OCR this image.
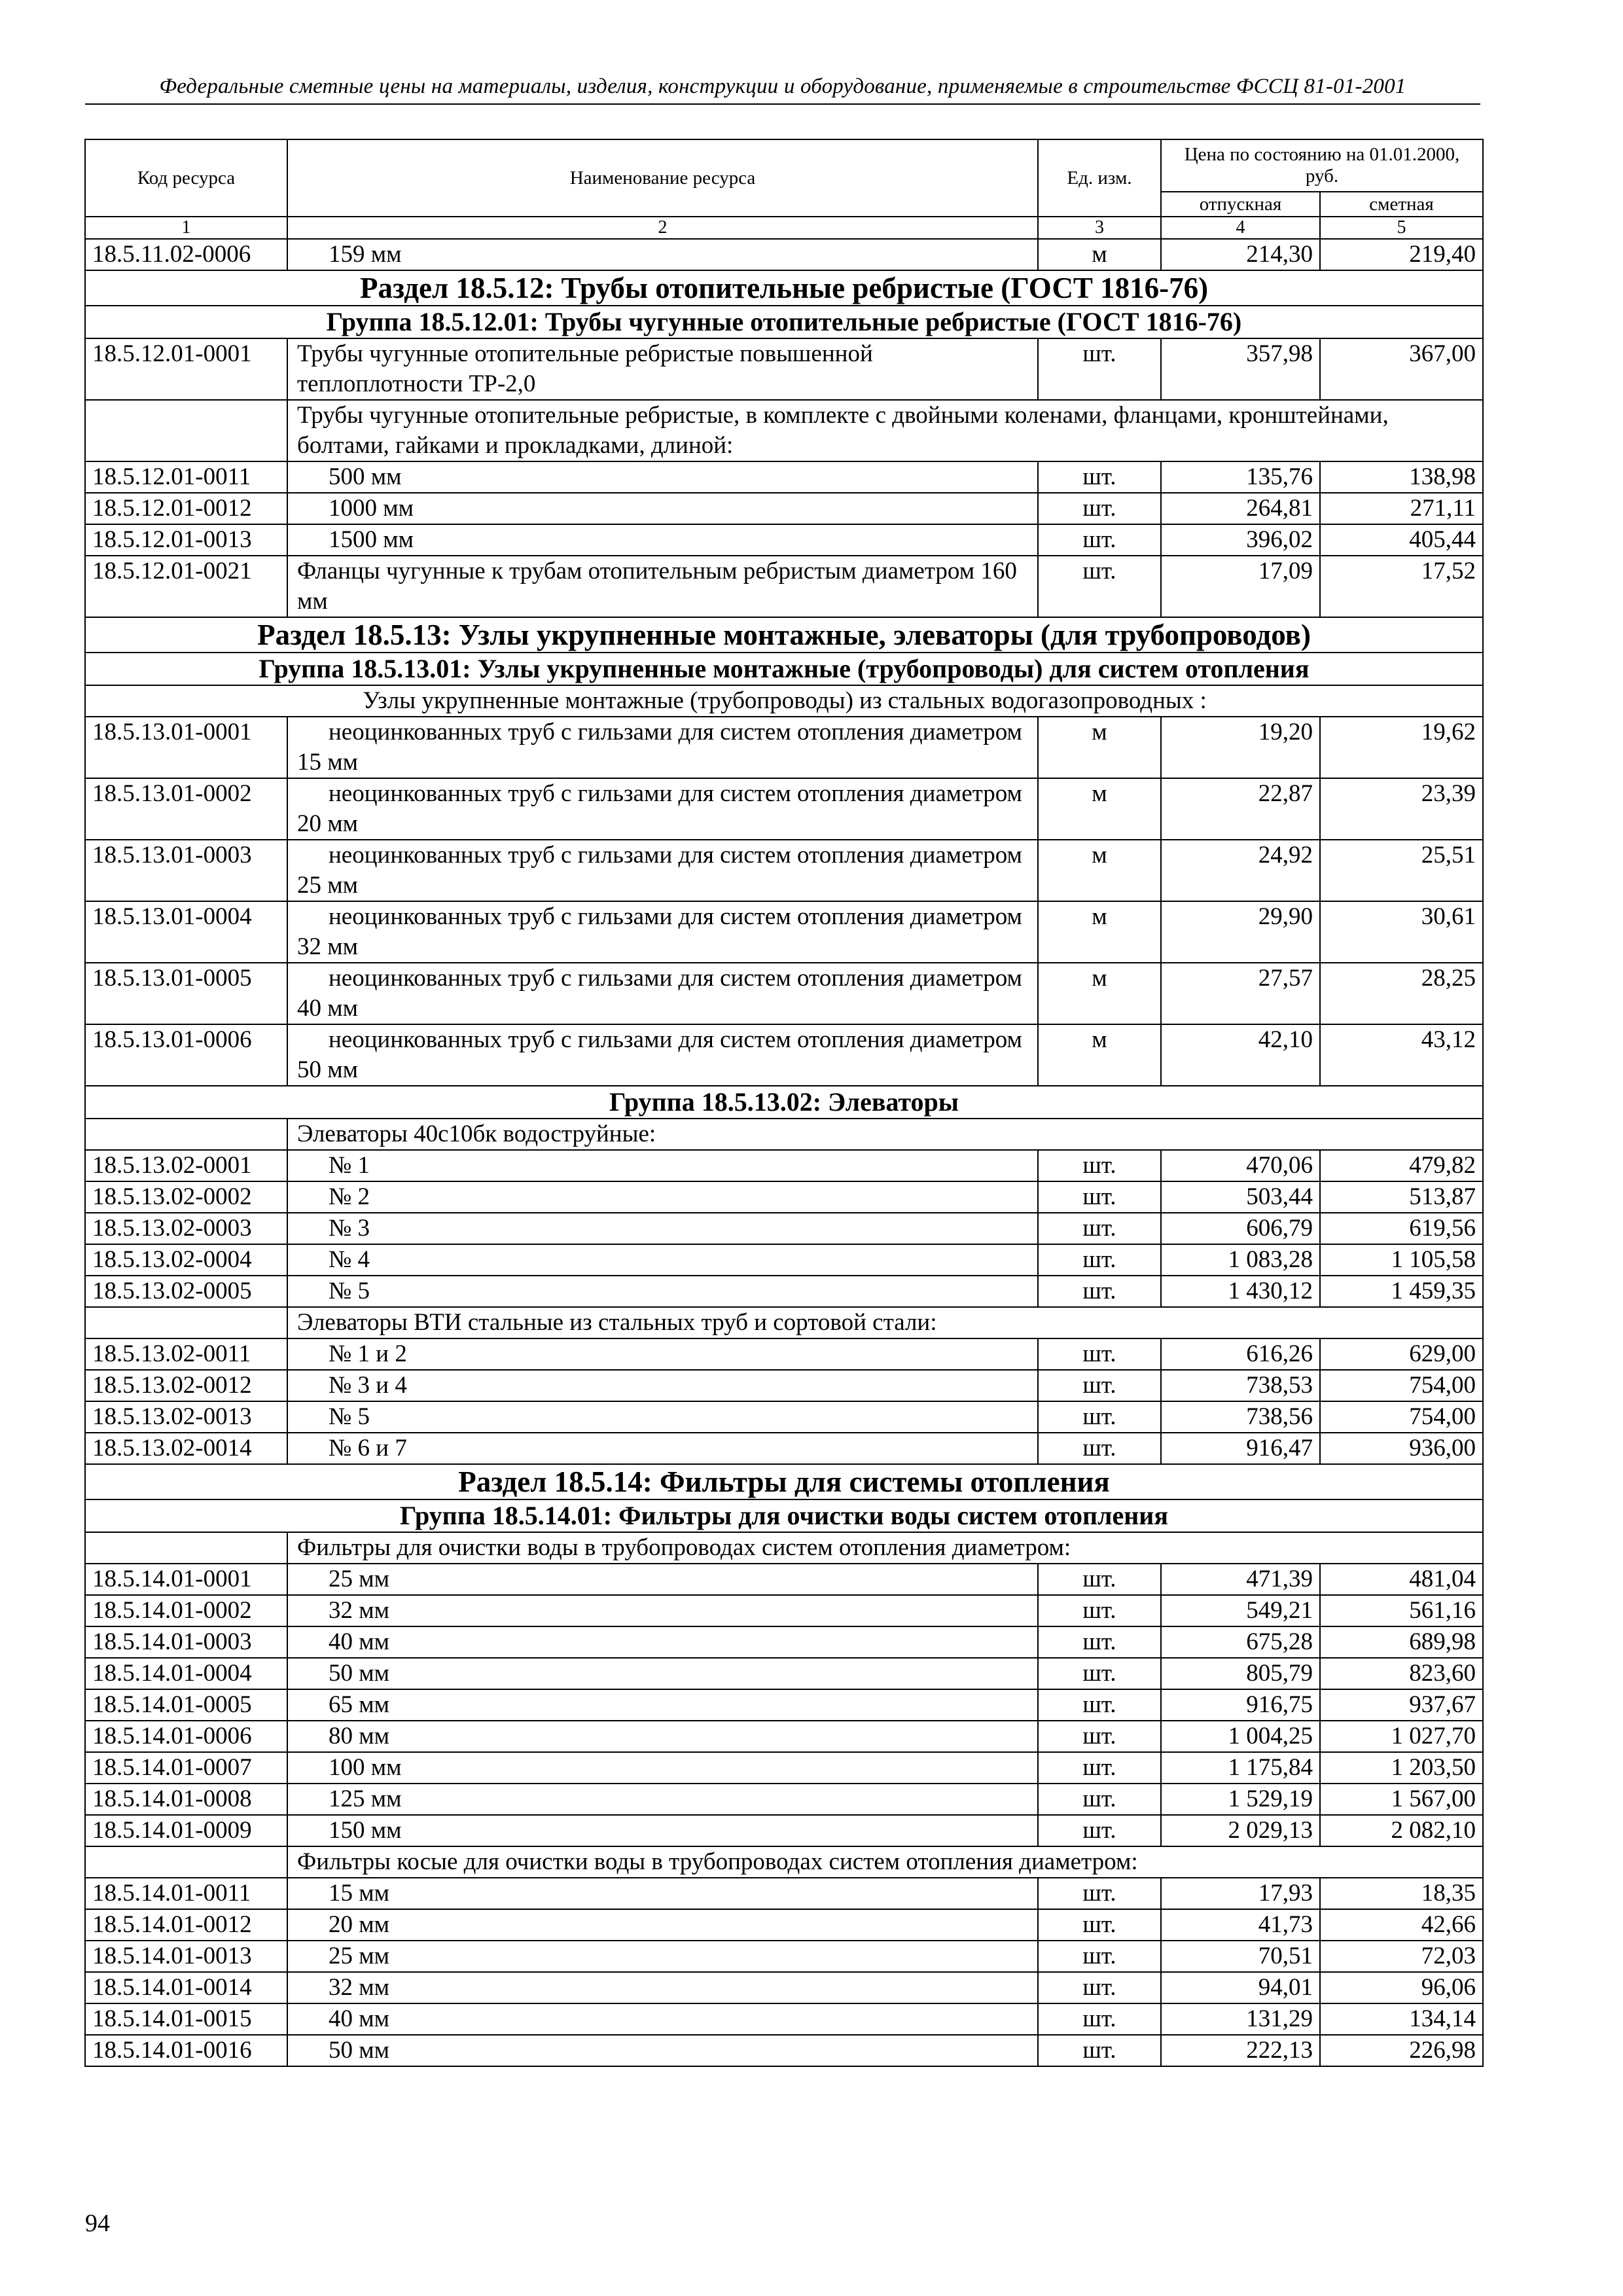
Федеральные сметные цены на материалы, изделия, конструкции и оборудование, применяемые в строительстве ФССЦ 81-01-2001
Код ресурса	Наименование ресурса	Ед. изм.	Цена по состоянию на 01.01.2000, руб.	
			отпускная	сметная
1	2	3	4	5
18.5.11.02-0006	159 мм	м	214,30	219,40
Раздел 18.5.12: Трубы отопительные ребристые (ГОСТ 1816-76)				
Группа 18.5.12.01: Трубы чугунные отопительные ребристые (ГОСТ 1816-76)				
18.5.12.01-0001	Трубы чугунные отопительные ребристые повышенной теплоплотности ТР-2,0	шт.	357,98	367,00
	Трубы чугунные отопительные ребристые, в комплекте с двойными коленами, фланцами, кронштейнами, болтами, гайками и прокладками, длиной:			
18.5.12.01-0011	500 мм	шт.	135,76	138,98
18.5.12.01-0012	1000 мм	шт.	264,81	271,11
18.5.12.01-0013	1500 мм	шт.	396,02	405,44
18.5.12.01-0021	Фланцы чугунные к трубам отопительным ребристым диаметром 160 мм	шт.	17,09	17,52
Раздел 18.5.13: Узлы укрупненные монтажные, элеваторы (для трубопроводов)				
Группа 18.5.13.01: Узлы укрупненные монтажные (трубопроводы) для систем отопления				
Узлы укрупненные монтажные (трубопроводы) из стальных водогазопроводных :				
18.5.13.01-0001	неоцинкованных труб с гильзами для систем отопления диаметром 15 мм	м	19,20	19,62
18.5.13.01-0002	неоцинкованных труб с гильзами для систем отопления диаметром 20 мм	м	22,87	23,39
18.5.13.01-0003	неоцинкованных труб с гильзами для систем отопления диаметром 25 мм	м	24,92	25,51
18.5.13.01-0004	неоцинкованных труб с гильзами для систем отопления диаметром 32 мм	м	29,90	30,61
18.5.13.01-0005	неоцинкованных труб с гильзами для систем отопления диаметром 40 мм	м	27,57	28,25
18.5.13.01-0006	неоцинкованных труб с гильзами для систем отопления диаметром 50 мм	м	42,10	43,12
Группа 18.5.13.02: Элеваторы				
	Элеваторы 40с10бк водоструйные:			
18.5.13.02-0001	№ 1	шт.	470,06	479,82
18.5.13.02-0002	№ 2	шт.	503,44	513,87
18.5.13.02-0003	№ 3	шт.	606,79	619,56
18.5.13.02-0004	№ 4	шт.	1 083,28	1 105,58
18.5.13.02-0005	№ 5	шт.	1 430,12	1 459,35
	Элеваторы ВТИ стальные из стальных труб и сортовой стали:			
18.5.13.02-0011	№ 1 и 2	шт.	616,26	629,00
18.5.13.02-0012	№ 3 и 4	шт.	738,53	754,00
18.5.13.02-0013	№ 5	шт.	738,56	754,00
18.5.13.02-0014	№ 6 и 7	шт.	916,47	936,00
Раздел 18.5.14: Фильтры для системы отопления				
Группа 18.5.14.01: Фильтры для очистки воды систем отопления				
	Фильтры для очистки воды в трубопроводах систем отопления диаметром:			
18.5.14.01-0001	25 мм	шт.	471,39	481,04
18.5.14.01-0002	32 мм	шт.	549,21	561,16
18.5.14.01-0003	40 мм	шт.	675,28	689,98
18.5.14.01-0004	50 мм	шт.	805,79	823,60
18.5.14.01-0005	65 мм	шт.	916,75	937,67
18.5.14.01-0006	80 мм	шт.	1 004,25	1 027,70
18.5.14.01-0007	100 мм	шт.	1 175,84	1 203,50
18.5.14.01-0008	125 мм	шт.	1 529,19	1 567,00
18.5.14.01-0009	150 мм	шт.	2 029,13	2 082,10
	Фильтры косые для очистки воды в трубопроводах систем отопления диаметром:			
18.5.14.01-0011	15 мм	шт.	17,93	18,35
18.5.14.01-0012	20 мм	шт.	41,73	42,66
18.5.14.01-0013	25 мм	шт.	70,51	72,03
18.5.14.01-0014	32 мм	шт.	94,01	96,06
18.5.14.01-0015	40 мм	шт.	131,29	134,14
18.5.14.01-0016	50 мм	шт.	222,13	226,98
94
